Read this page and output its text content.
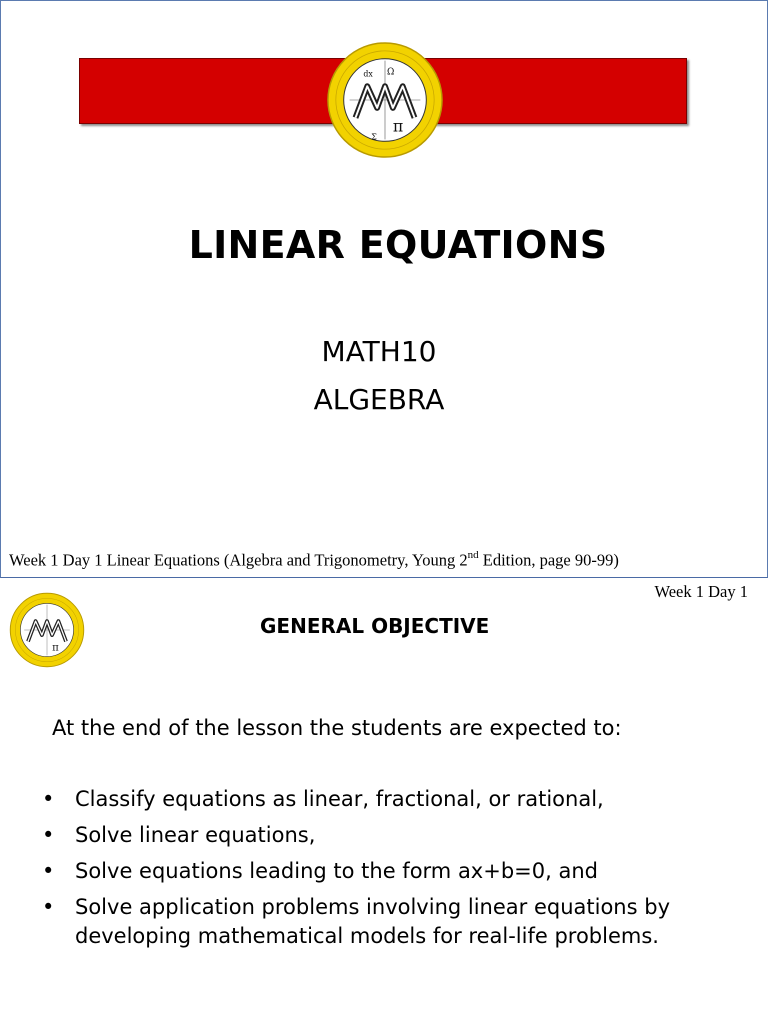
π
dx Ω
Σ
LINEAR EQUATIONS
MATH10
ALGEBRA
Week 1 Day 1 Linear Equations (Algebra and Trigonometry, Young 2nd Edition, page 90-99)
π
Week 1 Day 1
GENERAL OBJECTIVE
At the end of the lesson the students are expected to:
• Classify equations as linear, fractional, or rational,
• Solve linear equations,
• Solve equations leading to the form ax+b=0, and
• Solve application problems involving linear equations by developing mathematical models for real-life problems.
